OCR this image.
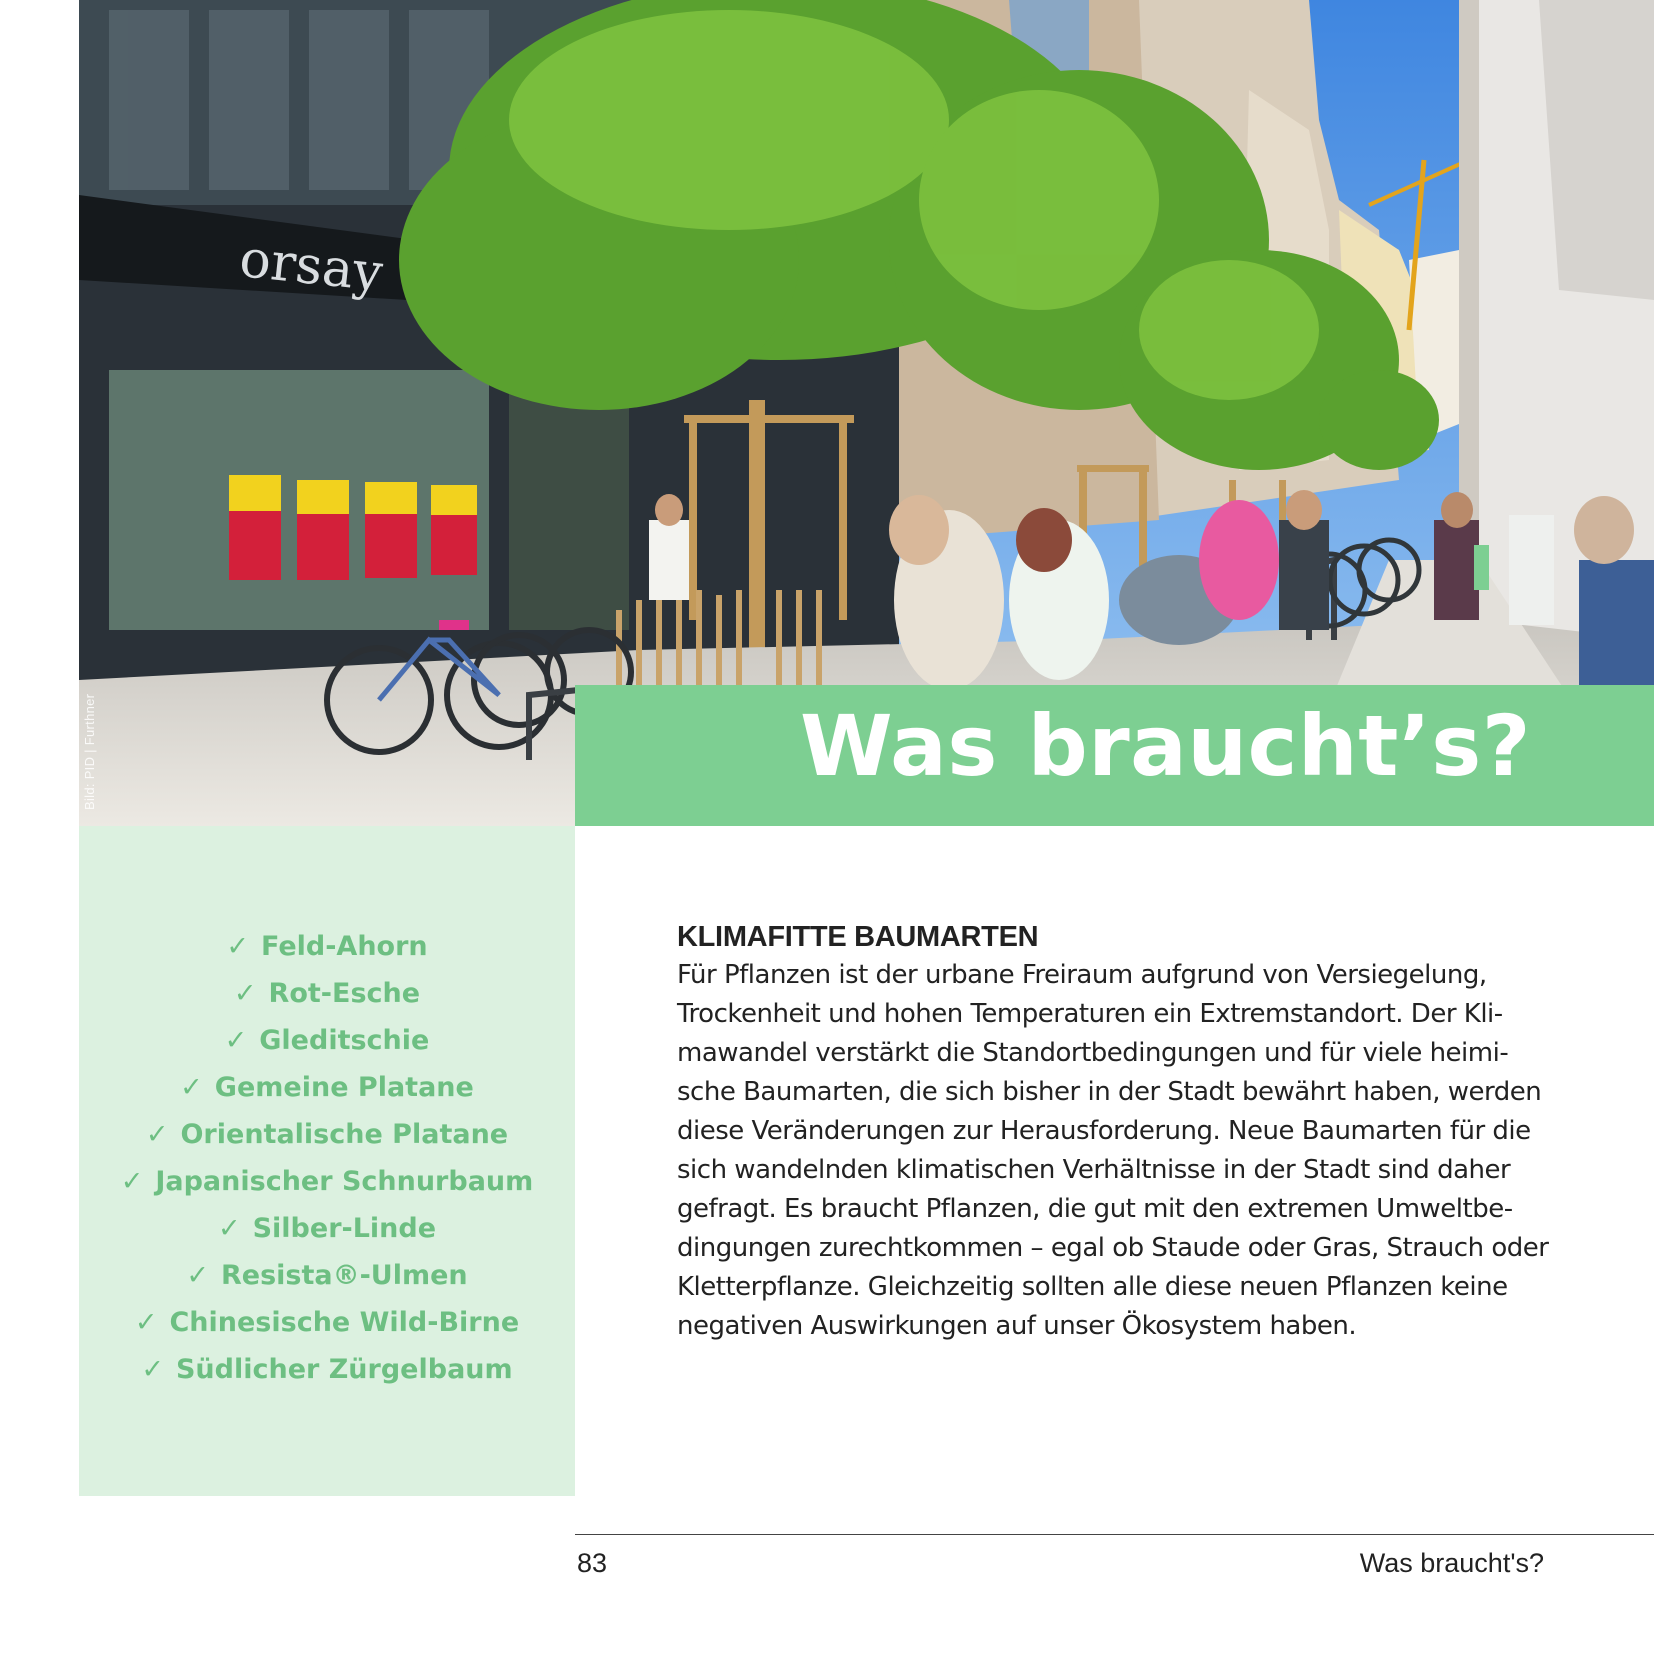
orsay
Bild: PID | Furthner	Was braucht’s?
✓ Feld-Ahorn
✓ Rot-Esche
✓ Gleditschie
✓ Gemeine Platane
✓ Orientalische Platane
✓ Japanischer Schnurbaum
✓ Silber-Linde
✓ Resista®-Ulmen
✓ Chinesische Wild-Birne
✓ Südlicher Zürgelbaum
KLIMAFITTE BAUMARTEN
Für Pflanzen ist der urbane Freiraum aufgrund von Versiegelung,
Trockenheit und hohen Temperaturen ein Extremstandort. Der Kli-
mawandel verstärkt die Standortbedingungen und für viele heimi-
sche Baumarten, die sich bisher in der Stadt bewährt haben, werden
diese Veränderungen zur Herausforderung. Neue Baumarten für die
sich wandelnden klimatischen Verhältnisse in der Stadt sind daher
gefragt. Es braucht Pflanzen, die gut mit den extremen Umweltbe-
dingungen zurechtkommen – egal ob Staude oder Gras, Strauch oder
Kletterpflanze. Gleichzeitig sollten alle diese neuen Pflanzen keine
negativen Auswirkungen auf unser Ökosystem haben.
83	Was braucht's?
